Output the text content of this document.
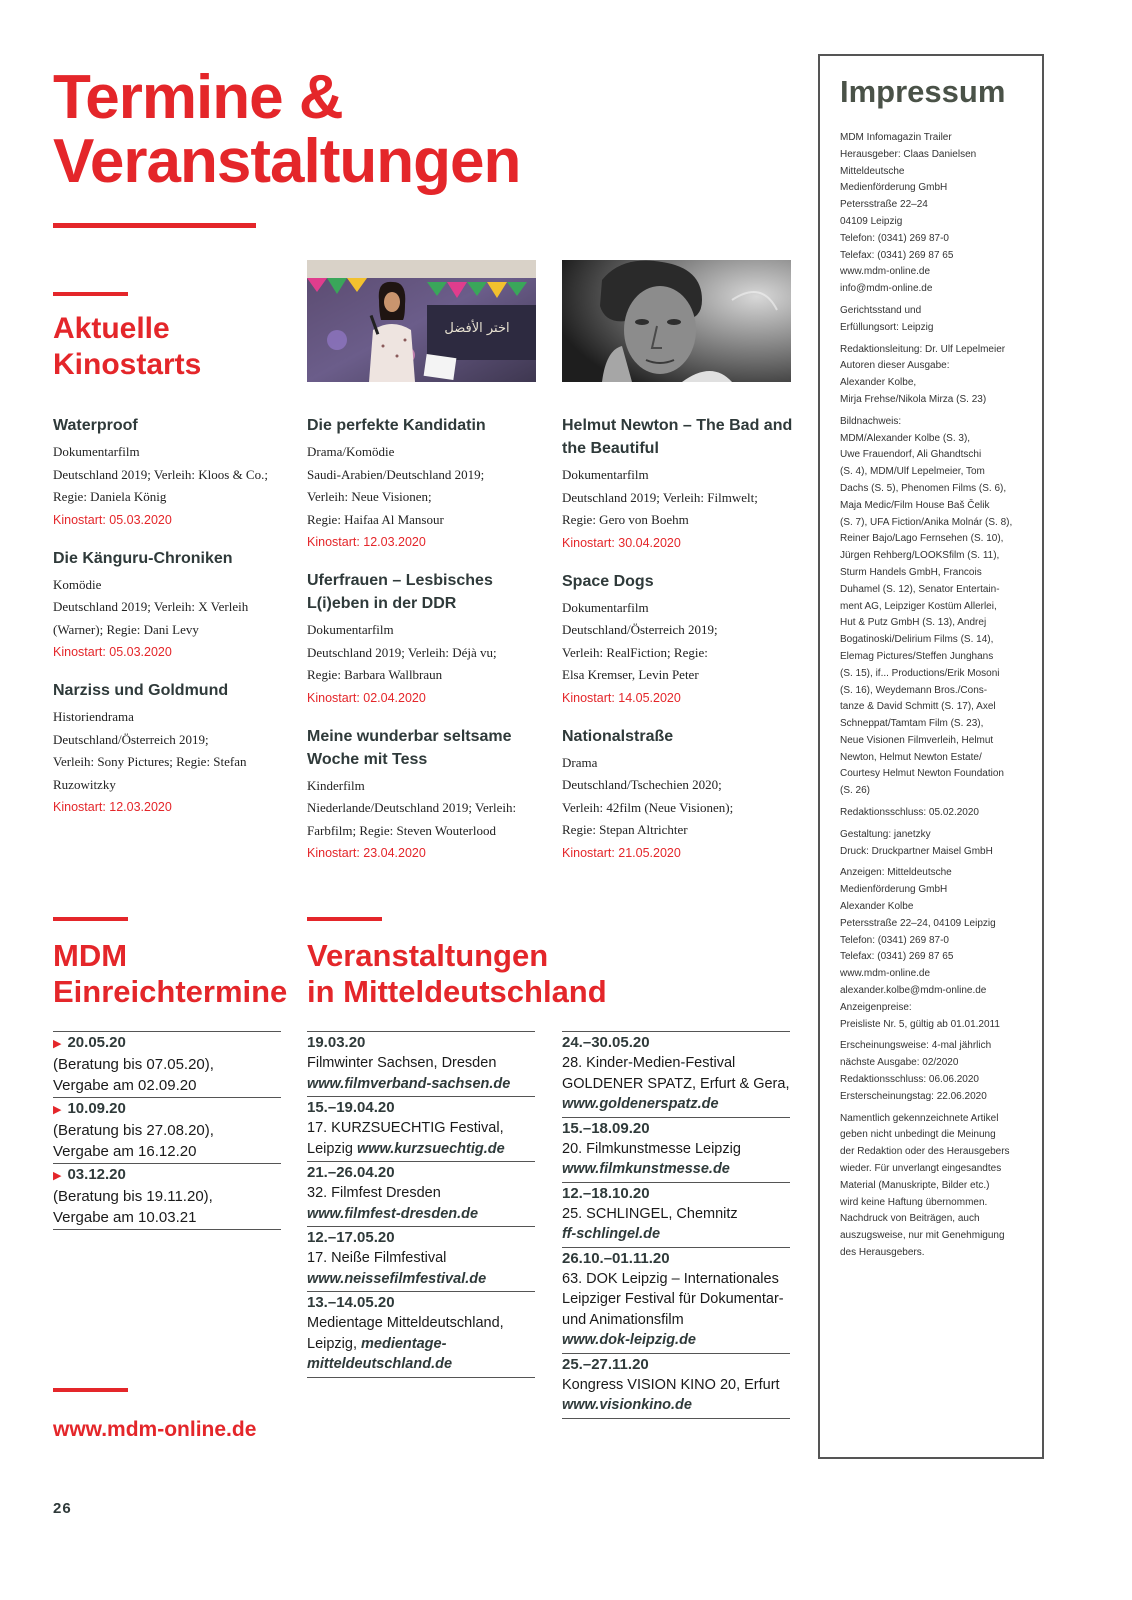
Termine &
Veranstaltungen
Aktuelle
Kinostarts
اختر الأفضل
Waterproof
Dokumentarfilm
Deutschland 2019; Verleih: Kloos & Co.;
Regie: Daniela König
Kinostart: 05.03.2020
Die Känguru-Chroniken
Komödie
Deutschland 2019; Verleih: X Verleih
(Warner); Regie: Dani Levy
Kinostart: 05.03.2020
Narziss und Goldmund
Historiendrama
Deutschland/Österreich 2019;
Verleih: Sony Pictures; Regie: Stefan
Ruzowitzky
Kinostart: 12.03.2020
Die perfekte Kandidatin
Drama/Komödie
Saudi-Arabien/Deutschland 2019;
Verleih: Neue Visionen;
Regie: Haifaa Al Mansour
Kinostart: 12.03.2020
Uferfrauen – Lesbisches L(i)eben in der DDR
Dokumentarfilm
Deutschland 2019; Verleih: Déjà vu;
Regie: Barbara Wallbraun
Kinostart: 02.04.2020
Meine wunderbar seltsame Woche mit Tess
Kinderfilm
Niederlande/Deutschland 2019; Verleih:
Farbfilm; Regie: Steven Wouterlood
Kinostart: 23.04.2020
Helmut Newton – The Bad and the Beautiful
Dokumentarfilm
Deutschland 2019; Verleih: Filmwelt;
Regie: Gero von Boehm
Kinostart: 30.04.2020
Space Dogs
Dokumentarfilm
Deutschland/Österreich 2019;
Verleih: RealFiction; Regie:
Elsa Kremser, Levin Peter
Kinostart: 14.05.2020
Nationalstraße
Drama
Deutschland/Tschechien 2020;
Verleih: 42film (Neue Visionen);
Regie: Stepan Altrichter
Kinostart: 21.05.2020
MDM
Einreichtermine
▶ 20.05.20
(Beratung bis 07.05.20),
Vergabe am 02.09.20
▶ 10.09.20
(Beratung bis 27.08.20),
Vergabe am 16.12.20
▶ 03.12.20
(Beratung bis 19.11.20),
Vergabe am 10.03.21
Veranstaltungen
in Mitteldeutschland
19.03.20
Filmwinter Sachsen, Dresden
www.filmverband-sachsen.de
15.–19.04.20
17. KURZSUECHTIG Festival,
Leipzig www.kurzsuechtig.de
21.–26.04.20
32. Filmfest Dresden
www.filmfest-dresden.de
12.–17.05.20
17. Neiße Filmfestival
www.neissefilmfestival.de
13.–14.05.20
Medientage Mitteldeutschland,
Leipzig, medientage-
mitteldeutschland.de
24.–30.05.20
28. Kinder-Medien-Festival
GOLDENER SPATZ, Erfurt & Gera,
www.goldenerspatz.de
15.–18.09.20
20. Filmkunstmesse Leipzig
www.filmkunstmesse.de
12.–18.10.20
25. SCHLINGEL, Chemnitz
ff-schlingel.de
26.10.–01.11.20
63. DOK Leipzig – Internationales
Leipziger Festival für Dokumentar-
und Animationsfilm
www.dok-leipzig.de
25.–27.11.20
Kongress VISION KINO 20, Erfurt
www.visionkino.de
www.mdm-online.de
26
Impressum

MDM Infomagazin Trailer
Herausgeber: Claas Danielsen
Mitteldeutsche
Medienförderung GmbH
Petersstraße 22–24
04109 Leipzig
Telefon: (0341) 269 87-0
Telefax: (0341) 269 87 65
www.mdm-online.de
info@mdm-online.de

Gerichtsstand und
Erfüllungsort: Leipzig

Redaktionsleitung: Dr. Ulf Lepelmeier
Autoren dieser Ausgabe:
Alexander Kolbe,
Mirja Frehse/Nikola Mirza (S. 23)

Bildnachweis:
MDM/Alexander Kolbe (S. 3),
Uwe Frauendorf, Ali Ghandtschi
(S. 4), MDM/Ulf Lepelmeier, Tom
Dachs (S. 5), Phenomen Films (S. 6),
Maja Medic/Film House Baš Čelik
(S. 7), UFA Fiction/Anika Molnár (S. 8),
Reiner Bajo/Lago Fernsehen (S. 10),
Jürgen Rehberg/LOOKSfilm (S. 11),
Sturm Handels GmbH, Francois
Duhamel (S. 12), Senator Entertain-
ment AG, Leipziger Kostüm Allerlei,
Hut & Putz GmbH (S. 13), Andrej
Bogatinoski/Delirium Films (S. 14),
Elemag Pictures/Steffen Junghans
(S. 15), if... Productions/Erik Mosoni
(S. 16), Weydemann Bros./Cons-
tanze & David Schmitt (S. 17), Axel
Schneppat/Tamtam Film (S. 23),
Neue Visionen Filmverleih, Helmut
Newton, Helmut Newton Estate/
Courtesy Helmut Newton Foundation
(S. 26)

Redaktionsschluss: 05.02.2020

Gestaltung: janetzky
Druck: Druckpartner Maisel GmbH

Anzeigen: Mitteldeutsche
Medienförderung GmbH
Alexander Kolbe
Petersstraße 22–24, 04109 Leipzig
Telefon: (0341) 269 87-0
Telefax: (0341) 269 87 65
www.mdm-online.de
alexander.kolbe@mdm-online.de
Anzeigenpreise:
Preisliste Nr. 5, gültig ab 01.01.2011

Erscheinungsweise: 4-mal jährlich
nächste Ausgabe: 02/2020
Redaktionsschluss: 06.06.2020
Ersterscheinungstag: 22.06.2020

Namentlich gekennzeichnete Artikel
geben nicht unbedingt die Meinung
der Redaktion oder des Herausgebers
wieder. Für unverlangt eingesandtes
Material (Manuskripte, Bilder etc.)
wird keine Haftung übernommen.
Nachdruck von Beiträgen, auch
auszugsweise, nur mit Genehmigung
des Herausgebers.
